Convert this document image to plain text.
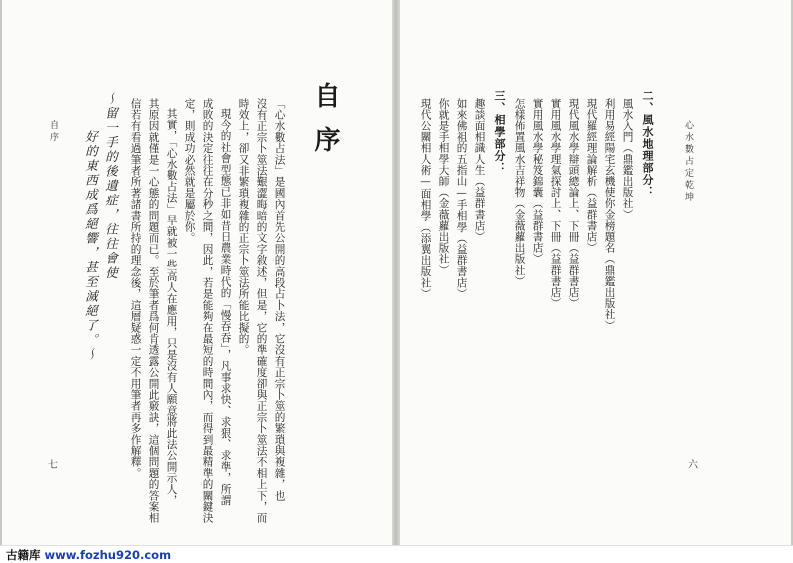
心水數占定乾坤
六
二、風水地理部分：
風水入門（鼎鑑出版社）
利用易經陽宅玄機使你金榜題名（鼎鑑出版社）
現代羅經理論解析（益群書店）
現代風水學辯頭總論上、下冊（益群書店）
實用風水學理氣探討上、下冊（益群書店）
實用風水學秘笈錦囊（益群書店）
怎樣佈置風水吉祥物（金薇蘿出版社）
三、相學部分：
趣談面相識人生（益群書店）
如來佛祖的五指山—手相學（益群書店）
你就是手相學大師（金薇蘿出版社）
現代公關相人術—面相學（添翼出版社）
自序
「心水數占法」是國內首先公開的高段占卜法，它沒有正宗卜筮的繁瑣與複雜，也
沒有正宗卜筮法艱澀晦暗的文字敘述，但是，它的準確度卻與正宗卜筮法不相上下，而
時效上，卻又非繁瑣複雜的正宗卜筮法所能比擬的。
現今的社會型態已非如昔日農業時代的「慢吞吞」，凡事求快、求狠、求準，所謂
成敗的決定往往在分秒之間，因此，若是能夠在最短的時間內，而得到最精準的關鍵決
定，則成功必然就是屬於你。
其實，「心水數占法」早就被一些高人在應用，只是沒有人願意將此法公開示人，
其原因就僅是一心態的問題而已。至於筆者爲何肯透露公開此竅訣，這個問題的答案相
信若有看過筆者所著諸書所持的理念後，這層疑惑一定不用筆者再多作解釋。
〜留一手的後遺症，往往會使
好的東西成爲絕響，甚至滅絕了。〜
自序
七
古籍库 www.fozhu920.com
